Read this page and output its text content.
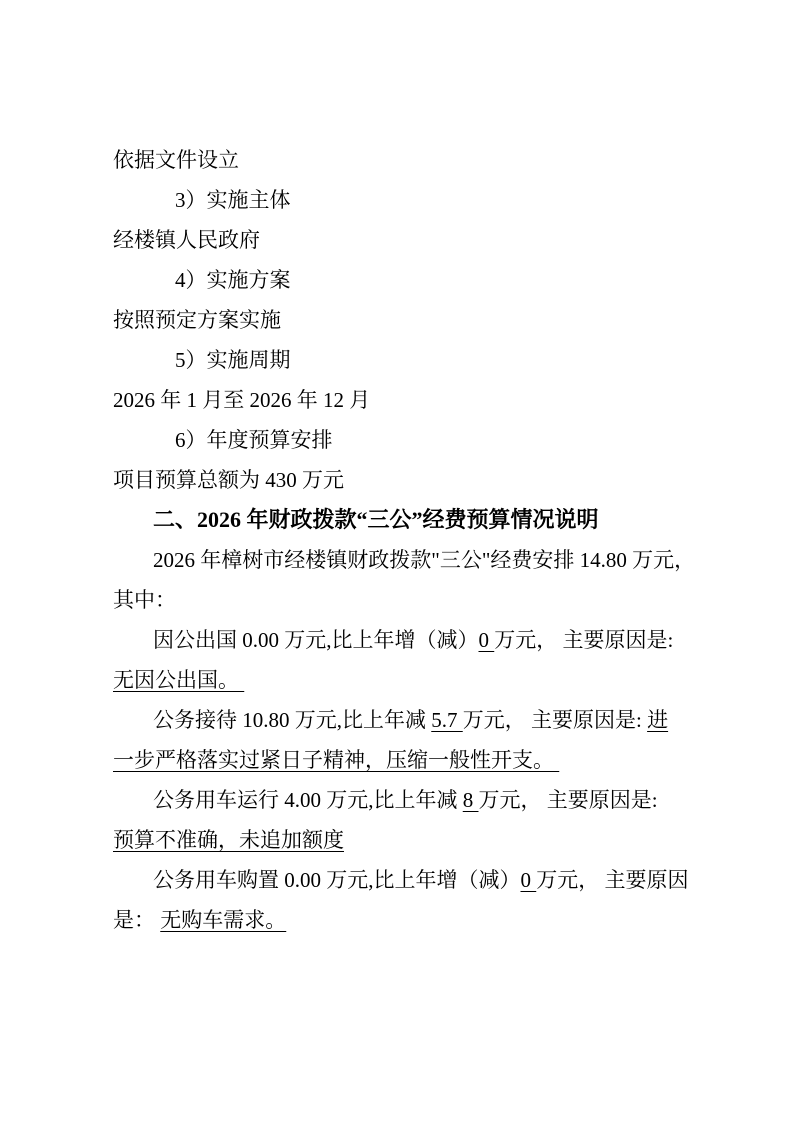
依据文件设立
3）实施主体
经楼镇人民政府
4）实施方案
按照预定方案实施
5）实施周期
2026 年 1 月至 2026 年 12 月
6）年度预算安排
项目预算总额为 430 万元
二、2026 年财政拨款“三公”经费预算情况说明
2026 年樟树市经楼镇财政拨款"三公"经费安排 14.80 万元，
其中：
因公出国 0.00 万元,比上年增（减）0 万元， 主要原因是:
无因公出国。
公务接待 10.80 万元,比上年减 5.7 万元， 主要原因是: 进
一步严格落实过紧日子精神，压缩一般性开支。
公务用车运行 4.00 万元,比上年减 8 万元， 主要原因是:
预算不准确，未追加额度
公务用车购置 0.00 万元,比上年增（减）0 万元， 主要原因
是： 无购车需求。
